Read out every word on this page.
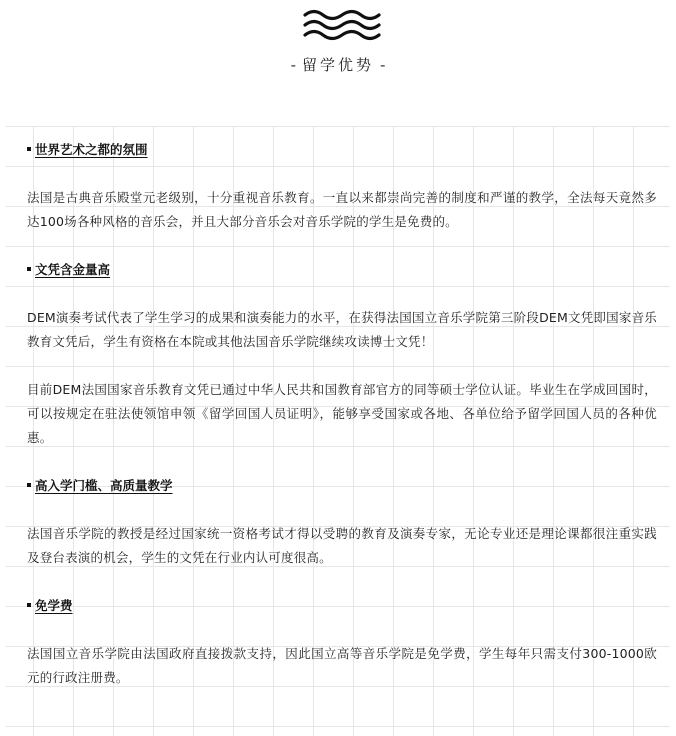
- 留学优势 -
世界艺术之都的氛围

法国是古典音乐殿堂元老级别，十分重视音乐教育。一直以来都崇尚完善的制度和严谨的教学，全法每天竟然多达100场各种风格的音乐会，并且大部分音乐会对音乐学院的学生是免费的。

文凭含金量高

DEM演奏考试代表了学生学习的成果和演奏能力的水平，在获得法国国立音乐学院第三阶段DEM文凭即国家音乐教育文凭后，学生有资格在本院或其他法国音乐学院继续攻读博士文凭！

目前DEM法国国家音乐教育文凭已通过中华人民共和国教育部官方的同等硕士学位认证。毕业生在学成回国时，可以按规定在驻法使领馆申领《留学回国人员证明》，能够享受国家或各地、各单位给予留学回国人员的各种优惠。

高入学门槛、高质量教学

法国音乐学院的教授是经过国家统一资格考试才得以受聘的教育及演奏专家，无论专业还是理论课都很注重实践及登台表演的机会，学生的文凭在行业内认可度很高。

免学费

法国国立音乐学院由法国政府直接拨款支持，因此国立高等音乐学院是免学费，学生每年只需支付300-1000欧元的行政注册费。
